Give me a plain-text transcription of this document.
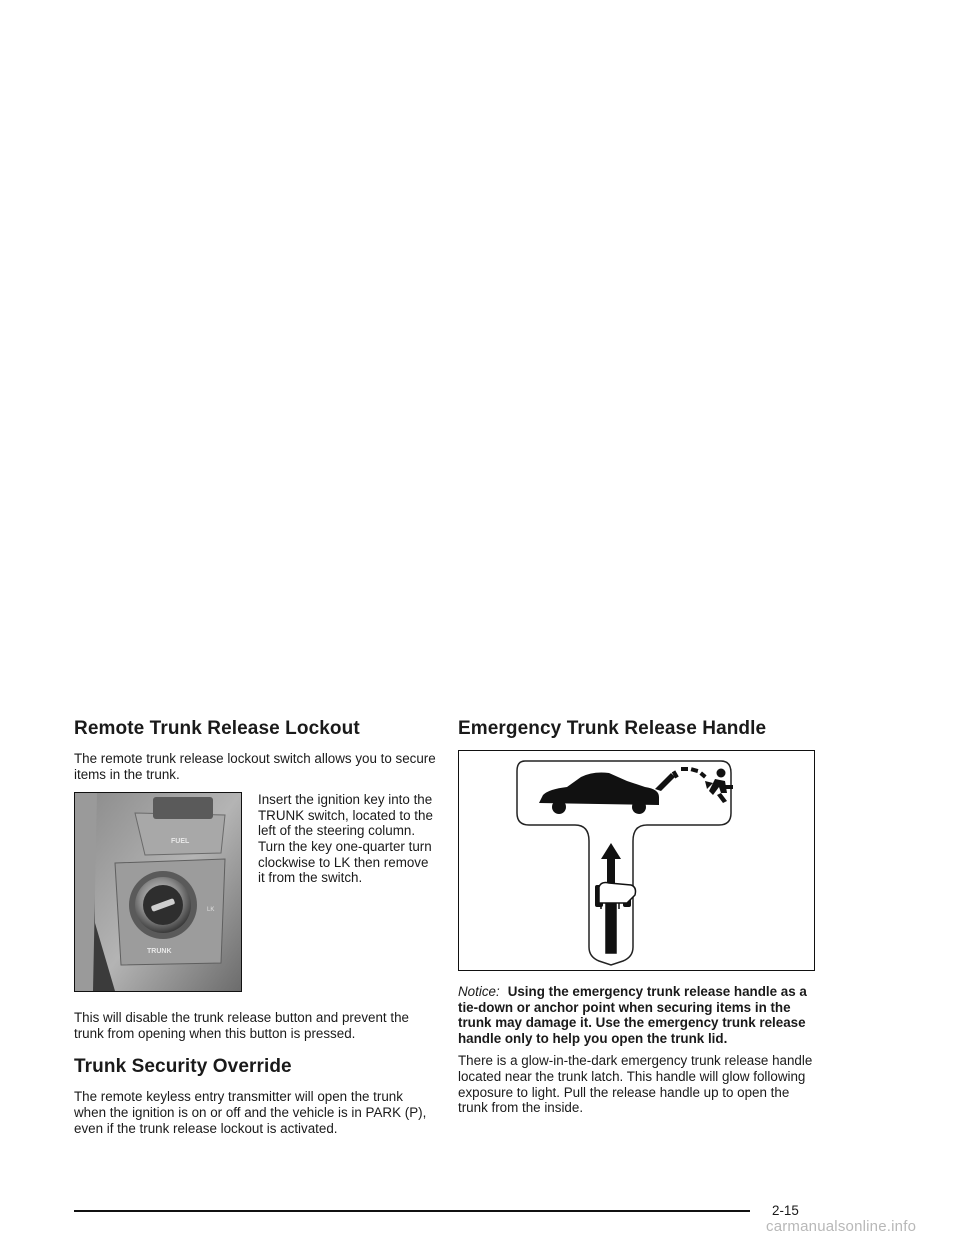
Remote Trunk Release Lockout

The remote trunk release lockout switch allows you to secure items in the trunk.

FUEL
LK
TRUNK

Insert the ignition key into the TRUNK switch, located to the left of the steering column. Turn the key one-quarter turn clockwise to LK then remove it from the switch.

This will disable the trunk release button and prevent the trunk from opening when this button is pressed.

Trunk Security Override

The remote keyless entry transmitter will open the trunk when the ignition is on or off and the vehicle is in PARK (P), even if the trunk release lockout is activated.

Emergency Trunk Release Handle

Notice: Using the emergency trunk release handle as a tie-down or anchor point when securing items in the trunk may damage it. Use the emergency trunk release handle only to help you open the trunk lid.

There is a glow-in-the-dark emergency trunk release handle located near the trunk latch. This handle will glow following exposure to light. Pull the release handle up to open the trunk from the inside.

2-15
carmanualsonline.info
